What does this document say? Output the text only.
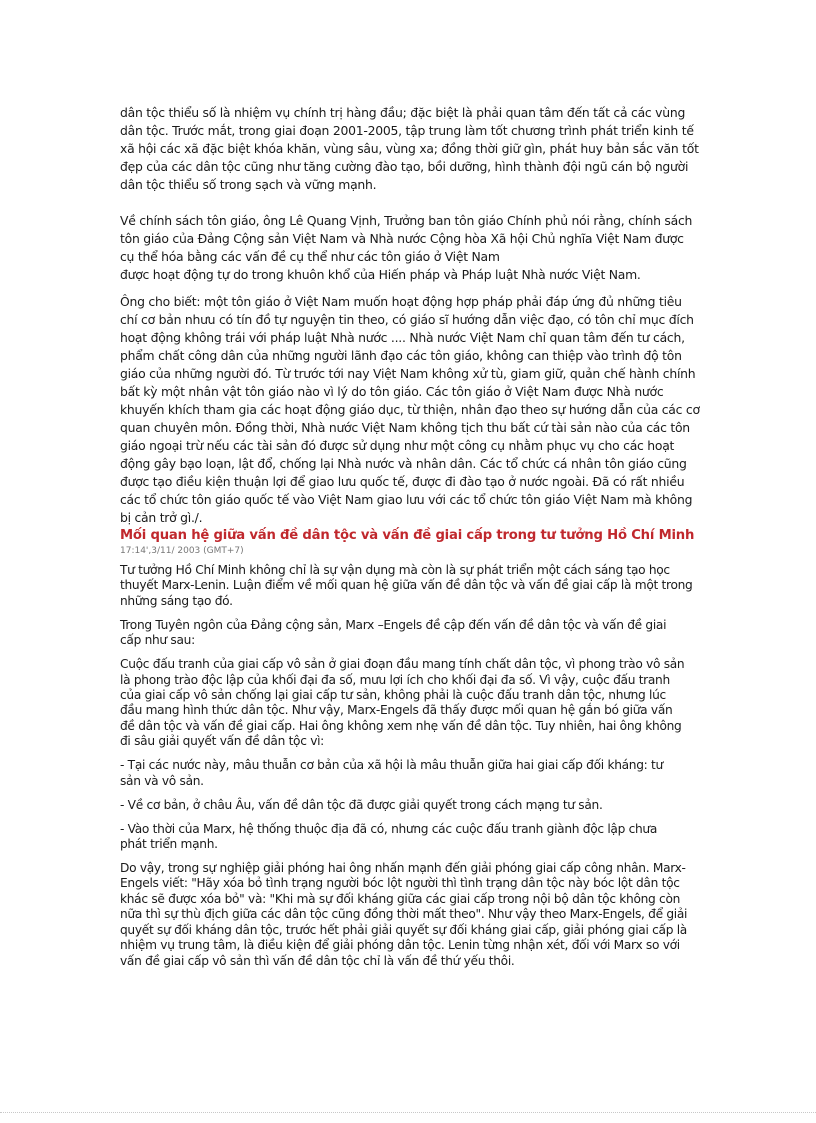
dân tộc thiểu số là nhiệm vụ chính trị hàng đầu; đặc biệt là phải quan tâm đến tất cả các vùng
dân tộc. Trước mắt, trong giai đoạn 2001-2005, tập trung làm tốt chương trình phát triển kinh tế
xã hội các xã đặc biệt khóa khăn, vùng sâu, vùng xa; đồng thời giữ gìn, phát huy bản sắc văn tốt
đẹp của các dân tộc cũng như tăng cường đào tạo, bồi dưỡng, hình thành đội ngũ cán bộ người
dân tộc thiểu số trong sạch và vững mạnh.

Về chính sách tôn giáo, ông Lê Quang Vịnh, Trưởng ban tôn giáo Chính phủ nói rằng, chính sách
tôn giáo của Đảng Cộng sản Việt Nam và Nhà nước Cộng hòa Xã hội Chủ nghĩa Việt Nam được
cụ thể hóa bằng các vấn đề cụ thể như các tôn giáo ở Việt Nam
được hoạt động tự do trong khuôn khổ của Hiến pháp và Pháp luật Nhà nước Việt Nam.

Ông cho biết: một tôn giáo ở Việt Nam muốn hoạt động hợp pháp phải đáp ứng đủ những tiêu
chí cơ bản nhưu có tín đồ tự nguyện tin theo, có giáo sĩ hướng dẫn việc đạo, có tôn chỉ mục đích
hoạt động không trái với pháp luật Nhà nước .... Nhà nước Việt Nam chỉ quan tâm đến tư cách,
phẩm chất công dân của những người lãnh đạo các tôn giáo, không can thiệp vào trình độ tôn
giáo của những người đó. Từ trước tới nay Việt Nam không xử tù, giam giữ, quản chế hành chính
bất kỳ một nhân vật tôn giáo nào vì lý do tôn giáo. Các tôn giáo ở Việt Nam được Nhà nước
khuyến khích tham gia các hoạt động giáo dục, từ thiện, nhân đạo theo sự hướng dẫn của các cơ
quan chuyên môn. Đồng thời, Nhà nước Việt Nam không tịch thu bất cứ tài sản nào của các tôn
giáo ngoại trừ nếu các tài sản đó được sử dụng như một công cụ nhằm phục vụ cho các hoạt
động gây bạo loạn, lật đổ, chống lại Nhà nước và nhân dân. Các tổ chức cá nhân tôn giáo cũng
được tạo điều kiện thuận lợi để giao lưu quốc tế, được đi đào tạo ở nước ngoài. Đã có rất nhiều
các tổ chức tôn giáo quốc tế vào Việt Nam giao lưu với các tổ chức tôn giáo Việt Nam mà không
bị cản trở gì./.

Mối quan hệ giữa vấn đề dân tộc và vấn đề giai cấp trong tư tưởng Hồ Chí Minh
17:14',3/11/ 2003 (GMT+7)

Tư tưởng Hồ Chí Minh không chỉ là sự vận dụng mà còn là sự phát triển một cách sáng tạo học
thuyết Marx-Lenin. Luận điểm về mối quan hệ giữa vấn đề dân tộc và vấn đề giai cấp là một trong
những sáng tạo đó.

Trong Tuyên ngôn của Đảng cộng sản, Marx –Engels đề cập đến vấn đề dân tộc và vấn đề giai
cấp như sau:

Cuộc đấu tranh của giai cấp vô sản ở giai đoạn đầu mang tính chất dân tộc, vì phong trào vô sản
là phong trào độc lập của khối đại đa số, mưu lợi ích cho khối đại đa số. Vì vậy, cuộc đấu tranh
của giai cấp vô sản chống lại giai cấp tư sản, không phải là cuộc đấu tranh dân tộc, nhưng lúc
đầu mang hình thức dân tộc. Như vậy, Marx-Engels đã thấy được mối quan hệ gắn bó giữa vấn
đề dân tộc và vấn đề giai cấp. Hai ông không xem nhẹ vấn đề dân tộc. Tuy nhiên, hai ông không
đi sâu giải quyết vấn đề dân tộc vì:

- Tại các nước này, mâu thuẫn cơ bản của xã hội là mâu thuẫn giữa hai giai cấp đối kháng: tư
sản và vô sản.

- Về cơ bản, ở châu Âu, vấn đề dân tộc đã được giải quyết trong cách mạng tư sản.

- Vào thời của Marx, hệ thống thuộc địa đã có, nhưng các cuộc đấu tranh giành độc lập chưa
phát triển mạnh.

Do vậy, trong sự nghiệp giải phóng hai ông nhấn mạnh đến giải phóng giai cấp công nhân. Marx-
Engels viết: "Hãy xóa bỏ tình trạng người bóc lột người thì tình trạng dân tộc này bóc lột dân tộc
khác sẽ được xóa bỏ" và: "Khi mà sự đối kháng giữa các giai cấp trong nội bộ dân tộc không còn
nữa thì sự thù địch giữa các dân tộc cũng đồng thời mất theo". Như vậy theo Marx-Engels, để giải
quyết sự đối kháng dân tộc, trước hết phải giải quyết sự đối kháng giai cấp, giải phóng giai cấp là
nhiệm vụ trung tâm, là điều kiện để giải phóng dân tộc. Lenin từng nhận xét, đối với Marx so với
vấn đề giai cấp vô sản thì vấn đề dân tộc chỉ là vấn đề thứ yếu thôi.
